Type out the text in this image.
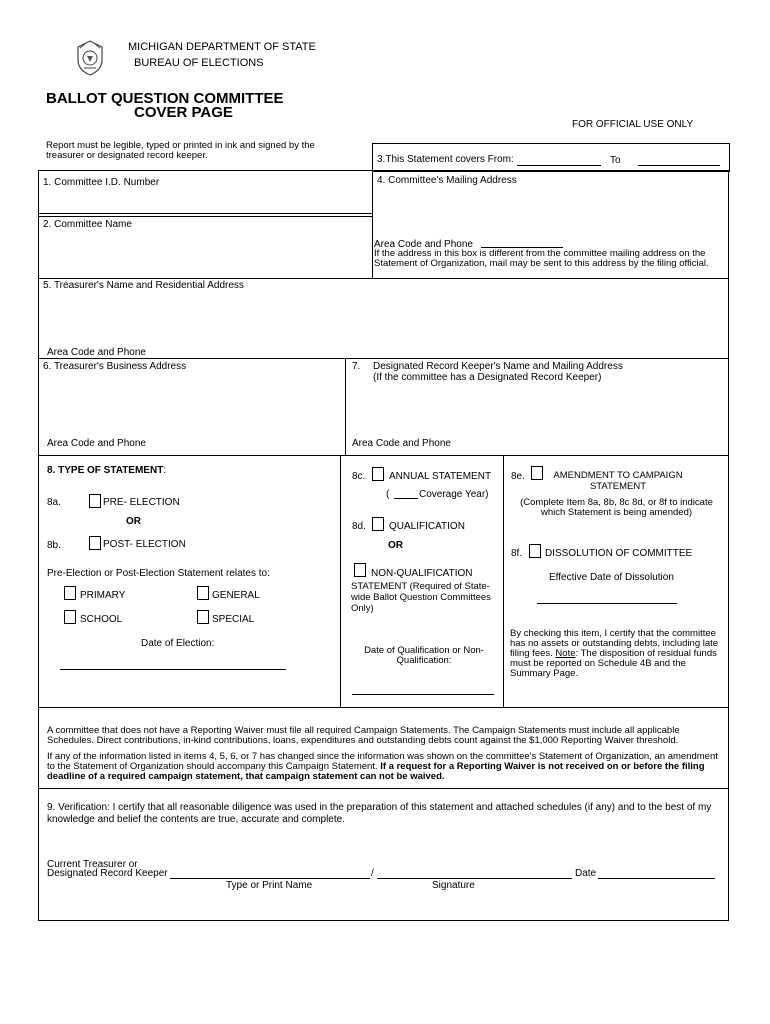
MICHIGAN DEPARTMENT OF STATE
BUREAU OF ELECTIONS
BALLOT QUESTION COMMITTEE
COVER PAGE
FOR OFFICIAL USE ONLY
Report must be legible, typed or printed in ink and signed by the treasurer or designated record keeper.	3.This Statement covers From:	To
1. Committee I.D. Number
2. Committee Name
4. Committee's Mailing Address
Area Code and Phone
If the address in this box is different from the committee mailing address on the Statement of Organization, mail may be sent to this address by the filing official.
5. Treasurer's Name and Residential Address
Area Code and Phone
6. Treasurer's Business Address
Area Code and Phone
7. Designated Record Keeper's Name and Mailing Address
(If the committee has a Designated Record Keeper)
Area Code and Phone
8. TYPE OF STATEMENT:
8a.	PRE- ELECTION
OR
8b.	POST- ELECTION
Pre-Election or Post-Election Statement relates to:
PRIMARY	GENERAL
SCHOOL	SPECIAL
Date of Election:
8c. ANNUAL STATEMENT
(	Coverage Year)
8d. QUALIFICATION
OR
NON-QUALIFICATION
STATEMENT (Required of State-wide Ballot Question Committees Only)
Date of Qualification or Non-Qualification:
8e.	AMENDMENT TO CAMPAIGN STATEMENT
(Complete Item 8a, 8b, 8c 8d, or 8f to indicate which Statement is being amended)
8f. DISSOLUTION OF COMMITTEE
Effective Date of Dissolution
By checking this item, I certify that the committee has no assets or outstanding debts, including late filing fees. Note: The disposition of residual funds must be reported on Schedule 4B and the Summary Page.
A committee that does not have a Reporting Waiver must file all required Campaign Statements. The Campaign Statements must include all applicable Schedules. Direct contributions, in-kind contributions, loans, expenditures and outstanding debts count against the $1,000 Reporting Waiver threshold.
If any of the information listed in items 4, 5, 6, or 7 has changed since the information was shown on the committee's Statement of Organization, an amendment to the Statement of Organization should accompany this Campaign Statement. If a request for a Reporting Waiver is not received on or before the filing deadline of a required campaign statement, that campaign statement can not be waived.
9. Verification: I certify that all reasonable diligence was used in the preparation of this statement and attached schedules (if any) and to the best of my knowledge and belief the contents are true, accurate and complete.
Current Treasurer or
Designated Record Keeper	/	Date
Type or Print Name	Signature
